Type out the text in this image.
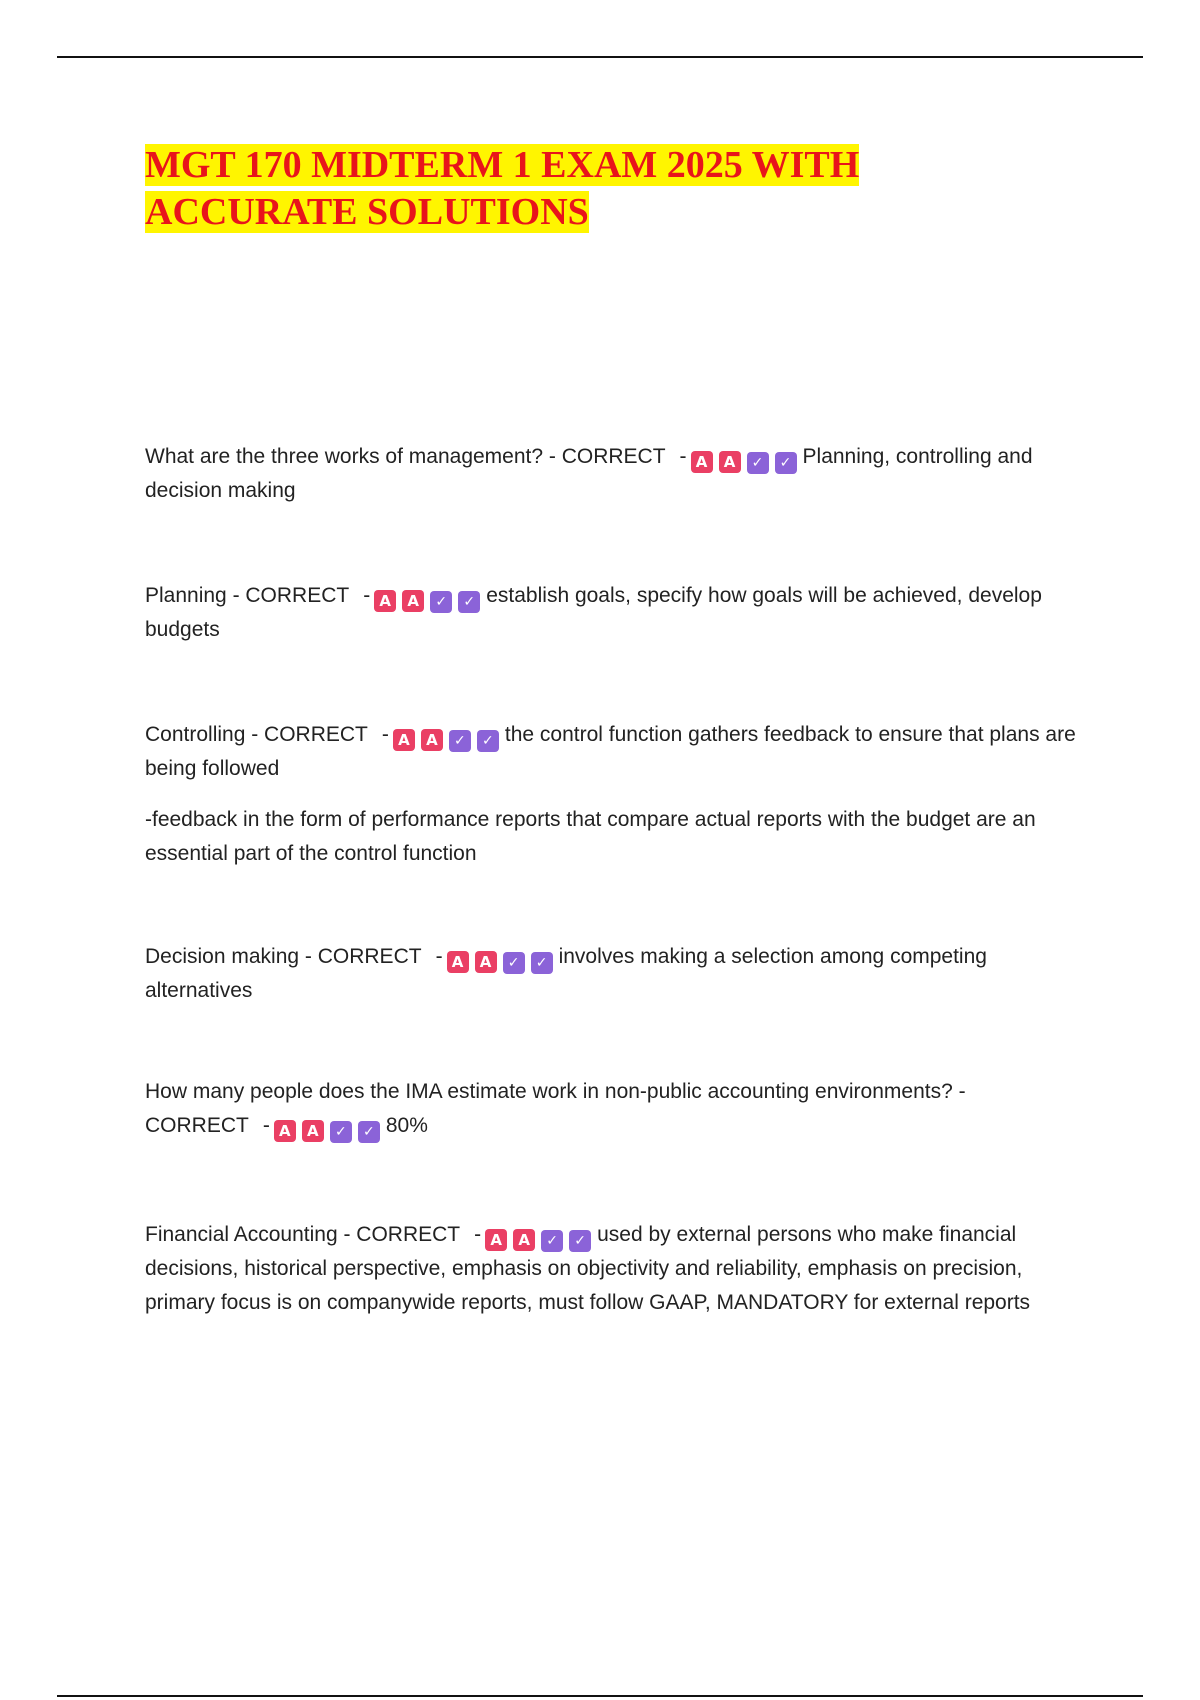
MGT 170 MIDTERM 1 EXAM 2025 WITH
ACCURATE SOLUTIONS

What are the three works of management? - CORRECT - A A ✓ ✓	Planning, controlling and decision making

Planning - CORRECT - A A ✓ ✓	establish goals, specify how goals will be achieved, develop budgets

Controlling - CORRECT - A A ✓ ✓	the control function gathers feedback to ensure that plans are being followed

-feedback in the form of performance reports that compare actual reports with the budget are an essential part of the control function

Decision making - CORRECT - A A ✓ ✓	involves making a selection among competing alternatives

How many people does the IMA estimate work in non-public accounting environments? - CORRECT - A A ✓ ✓	80%

Financial Accounting - CORRECT - A A ✓ ✓	used by external persons who make financial decisions, historical perspective, emphasis on objectivity and reliability, emphasis on precision, primary focus is on companywide reports, must follow GAAP, MANDATORY for external reports
